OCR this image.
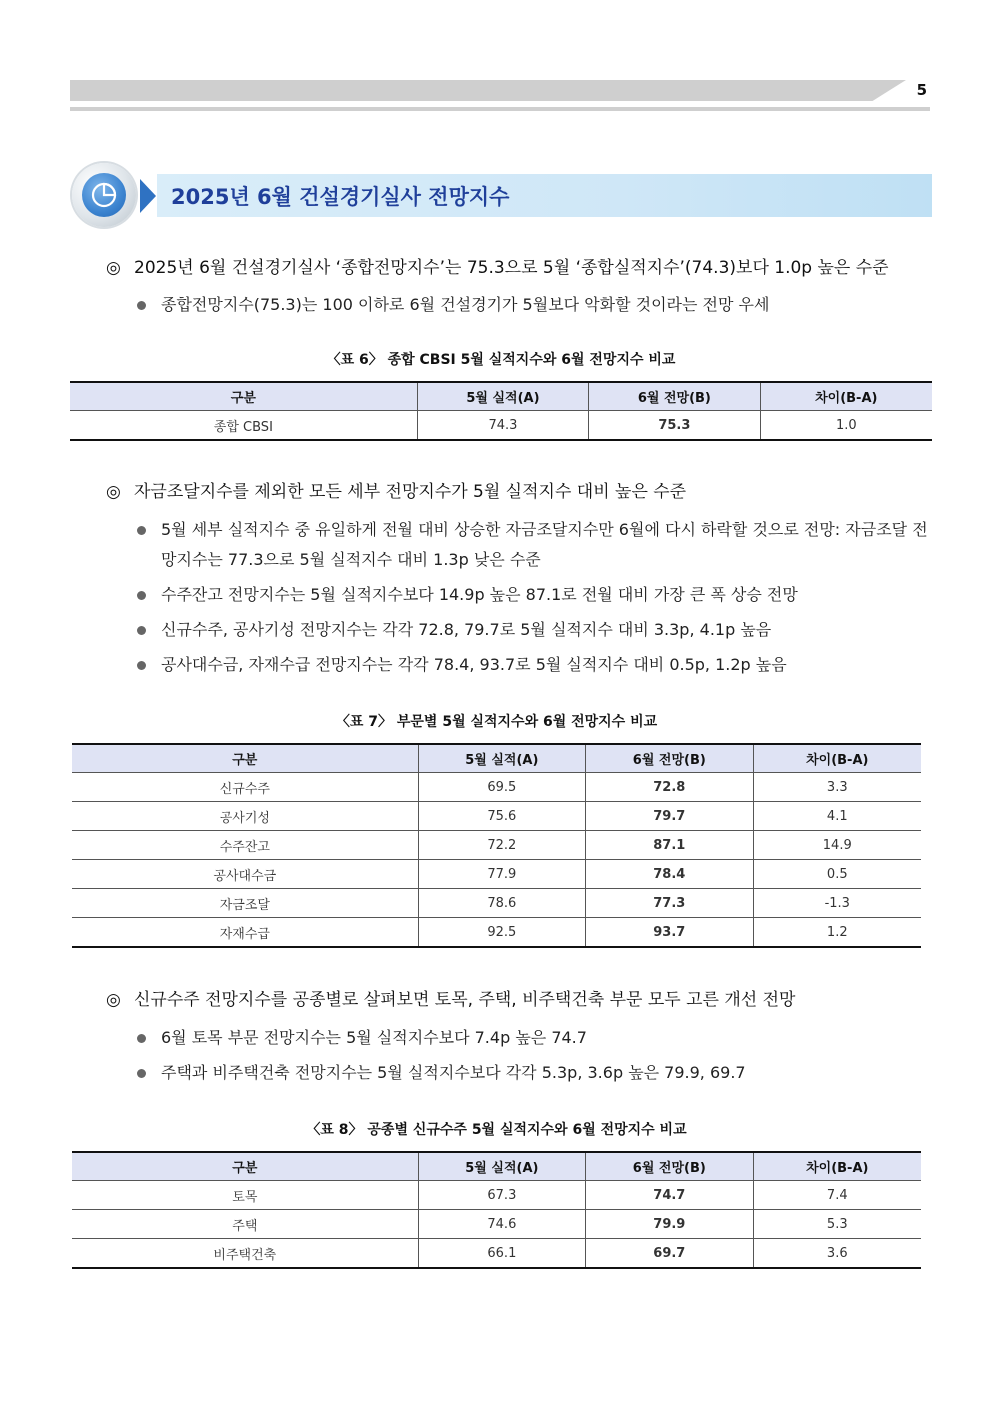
5
2025년 6월 건설경기실사 전망지수
◎ 2025년 6월 건설경기실사 ‘종합전망지수’는 75.3으로 5월 ‘종합실적지수’(74.3)보다 1.0p 높은 수준
종합전망지수(75.3)는 100 이하로 6월 건설경기가 5월보다 악화할 것이라는 전망 우세
〈표 6〉 종합 CBSI 5월 실적지수와 6월 전망지수 비교
구분	5월 실적(A)	6월 전망(B)	차이(B-A)
종합 CBSI	74.3	75.3	1.0
◎ 자금조달지수를 제외한 모든 세부 전망지수가 5월 실적지수 대비 높은 수준
5월 세부 실적지수 중 유일하게 전월 대비 상승한 자금조달지수만 6월에 다시 하락할 것으로 전망: 자금조달 전
망지수는 77.3으로 5월 실적지수 대비 1.3p 낮은 수준
수주잔고 전망지수는 5월 실적지수보다 14.9p 높은 87.1로 전월 대비 가장 큰 폭 상승 전망
신규수주, 공사기성 전망지수는 각각 72.8, 79.7로 5월 실적지수 대비 3.3p, 4.1p 높음
공사대수금, 자재수급 전망지수는 각각 78.4, 93.7로 5월 실적지수 대비 0.5p, 1.2p 높음
〈표 7〉 부문별 5월 실적지수와 6월 전망지수 비교
구분	5월 실적(A)	6월 전망(B)	차이(B-A)
신규수주	69.5	72.8	3.3
공사기성	75.6	79.7	4.1
수주잔고	72.2	87.1	14.9
공사대수금	77.9	78.4	0.5
자금조달	78.6	77.3	-1.3
자재수급	92.5	93.7	1.2
◎ 신규수주 전망지수를 공종별로 살펴보면 토목, 주택, 비주택건축 부문 모두 고른 개선 전망
6월 토목 부문 전망지수는 5월 실적지수보다 7.4p 높은 74.7
주택과 비주택건축 전망지수는 5월 실적지수보다 각각 5.3p, 3.6p 높은 79.9, 69.7
〈표 8〉 공종별 신규수주 5월 실적지수와 6월 전망지수 비교
구분	5월 실적(A)	6월 전망(B)	차이(B-A)
토목	67.3	74.7	7.4
주택	74.6	79.9	5.3
비주택건축	66.1	69.7	3.6
